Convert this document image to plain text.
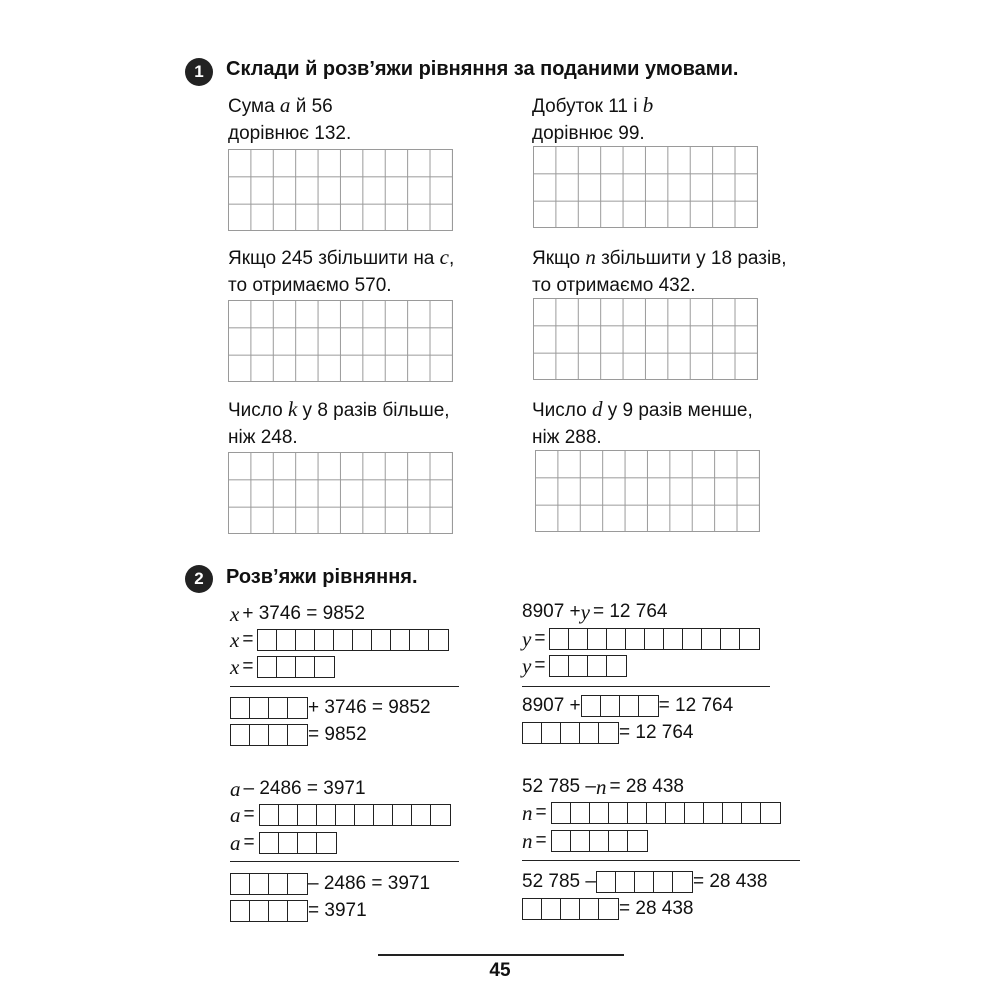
1 Склади й розв’яжи рівняння за поданими умовами.
Сума a й 56
дорівнює 132.
Добуток 11 і b
дорівнює 99.
Якщо 245 збільшити на c,
то отримаємо 570.
Якщо n збільшити у 18 разів,
то отримаємо 432.
Число k у 8 разів більше,
ніж 248.
Число d у 9 разів менше,
ніж 288.
2 Розв’яжи рівняння.
x + 3746 = 9852
x =
x =
+ 3746 = 9852
= 9852
8907 + y = 12 764
y =
y =
8907 +	= 12 764
= 12 764
a – 2486 = 3971
a =
a =
– 2486 = 3971
= 3971
52 785 – n = 28 438
n =
n =
52 785 –	= 28 438
= 28 438
45
